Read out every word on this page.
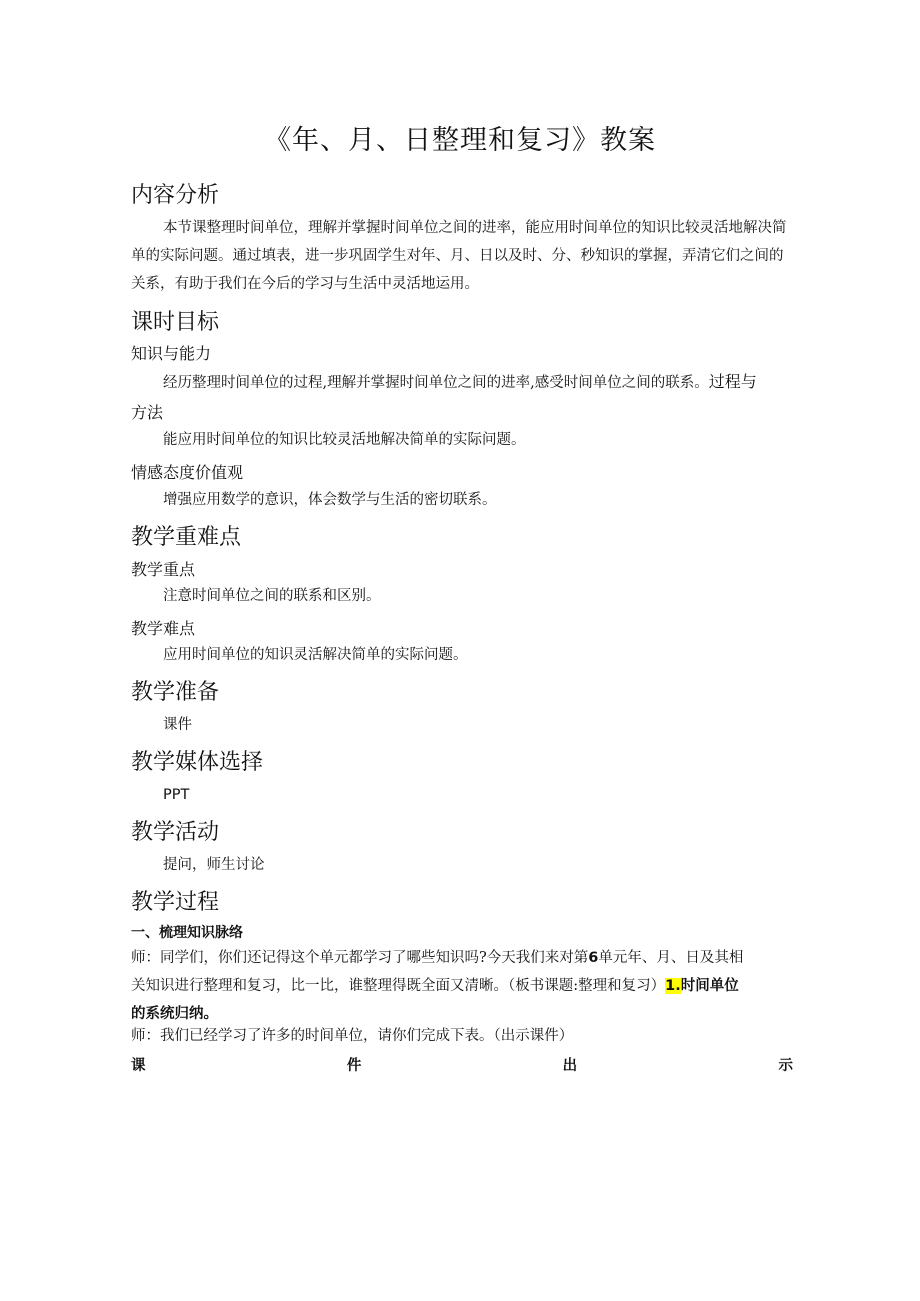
《年、月、日整理和复习》教案
内容分析
本节课整理时间单位，理解并掌握时间单位之间的进率，能应用时间单位的知识比较灵活地解决简单的实际问题。通过填表，进一步巩固学生对年、月、日以及时、分、秒知识的掌握，弄清它们之间的关系，有助于我们在今后的学习与生活中灵活地运用。
课时目标
知识与能力
经历整理时间单位的过程,理解并掌握时间单位之间的进率,感受时间单位之间的联系。过程与
方法
能应用时间单位的知识比较灵活地解决简单的实际问题。
情感态度价值观
增强应用数学的意识，体会数学与生活的密切联系。
教学重难点
教学重点
注意时间单位之间的联系和区别。
教学难点
应用时间单位的知识灵活解决简单的实际问题。
教学准备
课件
教学媒体选择
PPT
教学活动
提问，师生讨论
教学过程
一、梳理知识脉络
师：同学们，你们还记得这个单元都学习了哪些知识吗?今天我们来对第6单元年、月、日及其相
关知识进行整理和复习，比一比，谁整理得既全面又清晰。（板书课题:整理和复习）1.时间单位
的系统归纳。
师：我们已经学习了许多的时间单位，请你们完成下表。（出示课件）
课	件	出	示
